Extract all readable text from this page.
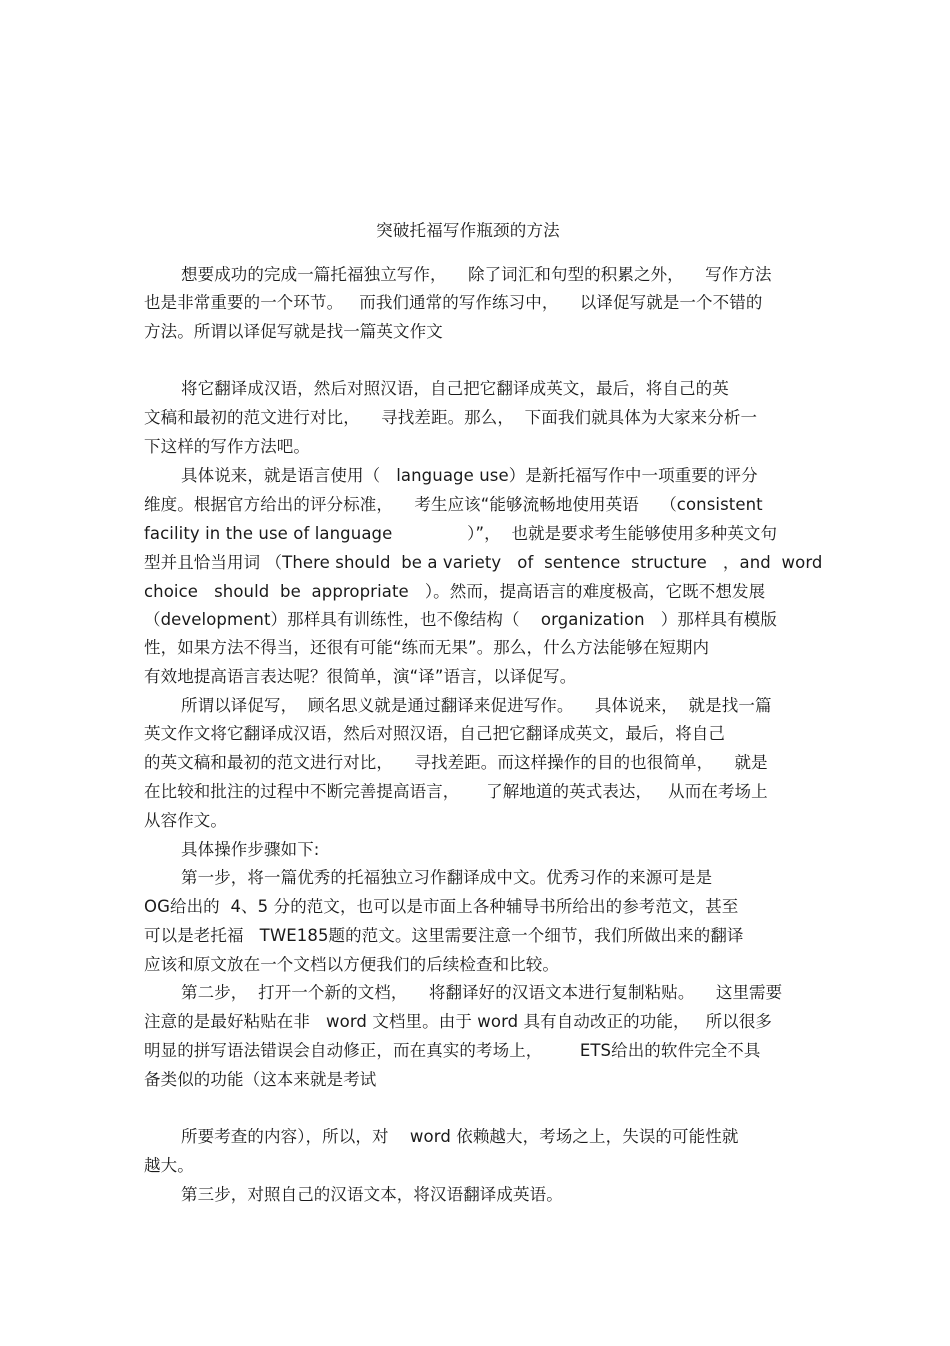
突破托福写作瓶颈的方法
想要成功的完成一篇托福独立写作，    除了词汇和句型的积累之外，    写作方法
也是非常重要的一个环节。   而我们通常的写作练习中，    以译促写就是一个不错的
方法。所谓以译促写就是找一篇英文作文
将它翻译成汉语，然后对照汉语，自己把它翻译成英文，最后，将自己的英
文稿和最初的范文进行对比，    寻找差距。那么，  下面我们就具体为大家来分析一
下这样的写作方法吧。
具体说来，就是语言使用（   language use）是新托福写作中一项重要的评分
维度。根据官方给出的评分标准，    考生应该“能够流畅地使用英语    （consistent
facility in the use of language              ）”，  也就是要求考生能够使用多种英文句
型并且恰当用词 （There should  be a variety   of  sentence  structure   ，and  word
choice   should  be  appropriate   ）。然而，提高语言的难度极高，它既不想发展
（development）那样具有训练性，也不像结构（    organization   ）那样具有模版
性，如果方法不得当，还很有可能“练而无果”。那么，什么方法能够在短期内
有效地提高语言表达呢？很简单，演“译”语言，以译促写。
所谓以译促写，  顾名思义就是通过翻译来促进写作。    具体说来，  就是找一篇
英文作文将它翻译成汉语，然后对照汉语，自己把它翻译成英文，最后，将自己
的英文稿和最初的范文进行对比，    寻找差距。而这样操作的目的也很简单，    就是
在比较和批注的过程中不断完善提高语言，     了解地道的英式表达，   从而在考场上
从容作文。
具体操作步骤如下:
第一步，将一篇优秀的托福独立习作翻译成中文。优秀习作的来源可是是
OG给出的  4、5 分的范文，也可以是市面上各种辅导书所给出的参考范文，甚至
可以是老托福   TWE185题的范文。这里需要注意一个细节，我们所做出来的翻译
应该和原文放在一个文档以方便我们的后续检查和比较。
第二步，  打开一个新的文档，    将翻译好的汉语文本进行复制粘贴。    这里需要
注意的是最好粘贴在非   word 文档里。由于 word 具有自动改正的功能，   所以很多
明显的拼写语法错误会自动修正，而在真实的考场上，       ETS给出的软件完全不具
备类似的功能（这本来就是考试
所要考查的内容），所以，对    word 依赖越大，考场之上，失误的可能性就
越大。
第三步，对照自己的汉语文本，将汉语翻译成英语。
